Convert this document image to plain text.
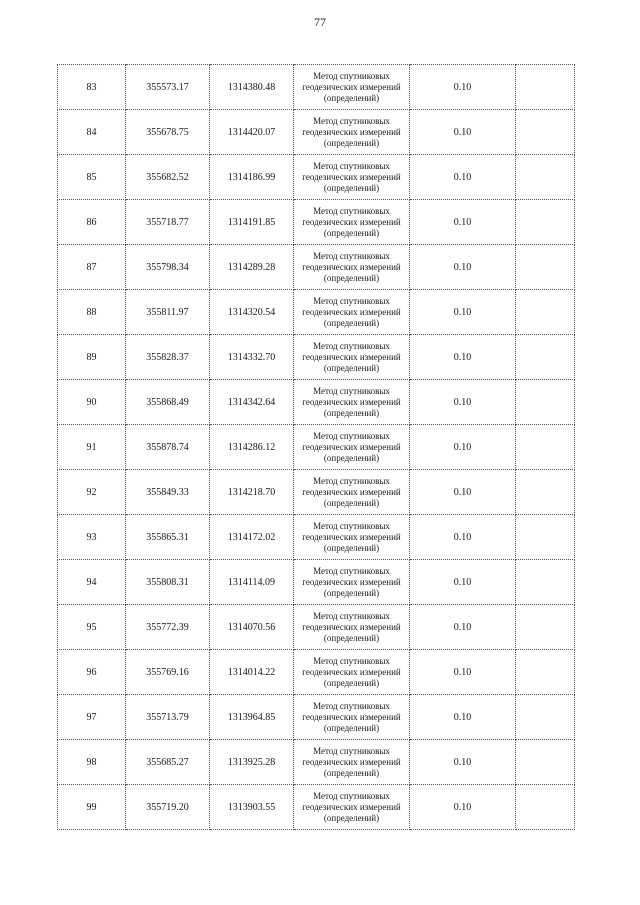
77
83	355573.17	1314380.48	Метод спутниковых
геодезических измерений
(определений)	0.10	
84	355678.75	1314420.07	Метод спутниковых
геодезических измерений
(определений)	0.10	
85	355682.52	1314186.99	Метод спутниковых
геодезических измерений
(определений)	0.10	
86	355718.77	1314191.85	Метод спутниковых
геодезических измерений
(определений)	0.10	
87	355798.34	1314289.28	Метод спутниковых
геодезических измерений
(определений)	0.10	
88	355811.97	1314320.54	Метод спутниковых
геодезических измерений
(определений)	0.10	
89	355828.37	1314332.70	Метод спутниковых
геодезических измерений
(определений)	0.10	
90	355868.49	1314342.64	Метод спутниковых
геодезических измерений
(определений)	0.10	
91	355878.74	1314286.12	Метод спутниковых
геодезических измерений
(определений)	0.10	
92	355849.33	1314218.70	Метод спутниковых
геодезических измерений
(определений)	0.10	
93	355865.31	1314172.02	Метод спутниковых
геодезических измерений
(определений)	0.10	
94	355808.31	1314114.09	Метод спутниковых
геодезических измерений
(определений)	0.10	
95	355772.39	1314070.56	Метод спутниковых
геодезических измерений
(определений)	0.10	
96	355769.16	1314014.22	Метод спутниковых
геодезических измерений
(определений)	0.10	
97	355713.79	1313964.85	Метод спутниковых
геодезических измерений
(определений)	0.10	
98	355685.27	1313925.28	Метод спутниковых
геодезических измерений
(определений)	0.10	
99	355719.20	1313903.55	Метод спутниковых
геодезических измерений
(определений)	0.10	
